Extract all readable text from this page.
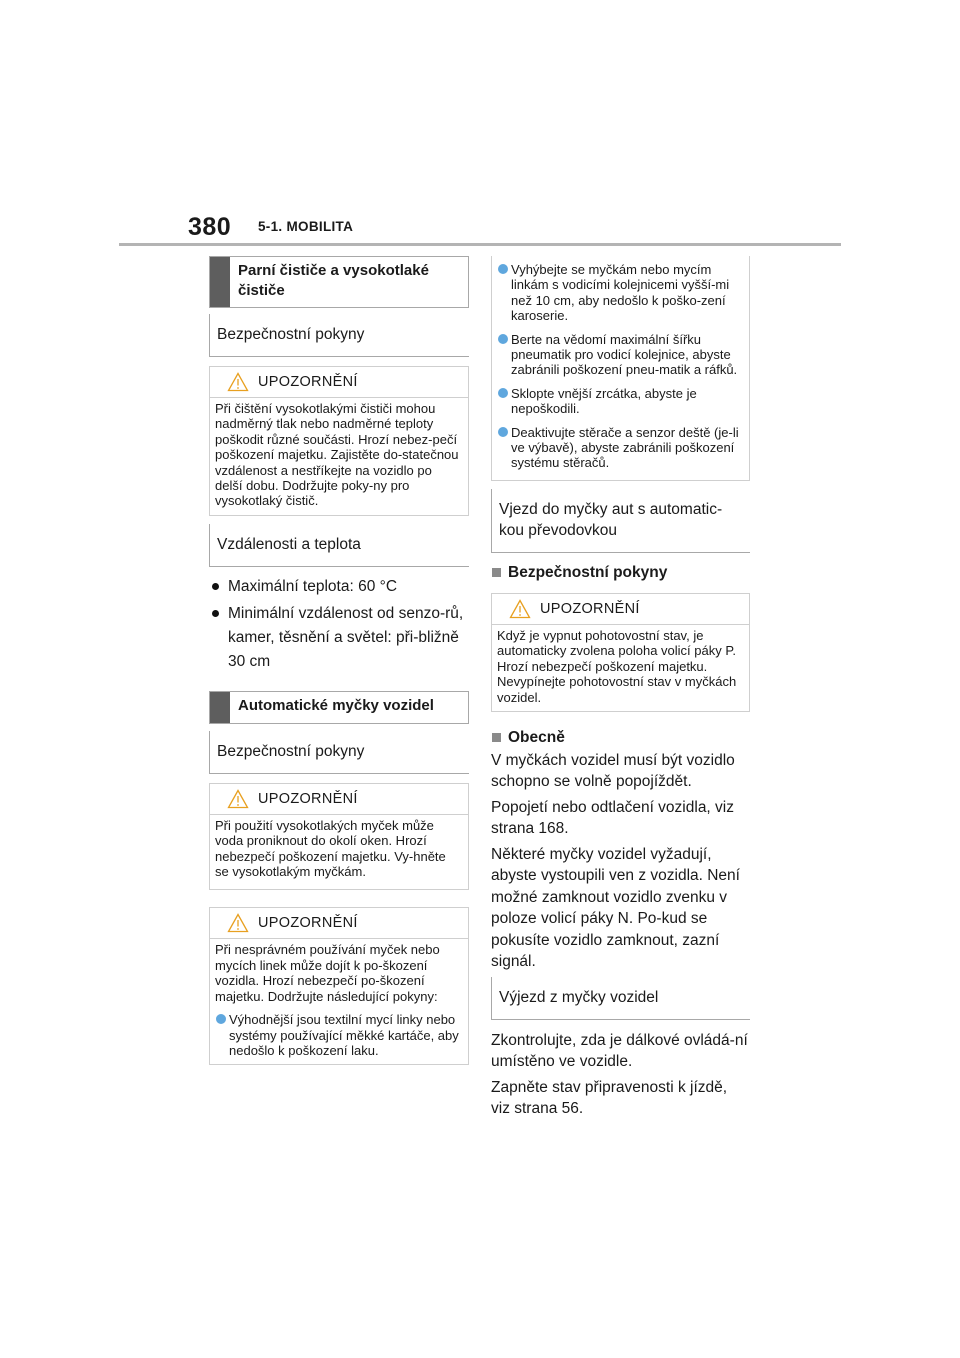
380 5-1. MOBILITA
Parní čističe a vysokotlaké čističe
Bezpečnostní pokyny
UPOZORNĚNÍ

Při čištění vysokotlakými čističi mohou nadměrný tlak nebo nadměrné teploty poškodit různé součásti. Hrozí nebez-pečí poškození majetku. Zajistěte do-statečnou vzdálenost a nestříkejte na vozidlo po delší dobu. Dodržujte poky-ny pro vysokotlaký čistič.

Vzdálenosti a teplota
Maximální teplota: 60 °C
Minimální vzdálenost od senzo-rů, kamer, těsnění a světel: při-bližně 30 cm
Automatické myčky vozidel
Bezpečnostní pokyny
UPOZORNĚNÍ

Při použití vysokotlakých myček může voda proniknout do okolí oken. Hrozí nebezpečí poškození majetku. Vy-hněte se vysokotlakým myčkám.

UPOZORNĚNÍ

Při nesprávném používání myček nebo mycích linek může dojít k po-škození vozidla. Hrozí nebezpečí po-škození majetku. Dodržujte následující pokyny:

Výhodnější jsou textilní mycí linky nebo systémy používající měkké kartáče, aby nedošlo k poškození laku.
Vyhýbejte se myčkám nebo mycím linkám s vodicími kolejnicemi vyšší-mi než 10 cm, aby nedošlo k poško-zení karoserie.
Berte na vědomí maximální šířku pneumatik pro vodicí kolejnice, abyste zabránili poškození pneu-matik a ráfků.
Sklopte vnější zrcátka, abyste je nepoškodili.
Deaktivujte stěrače a senzor deště (je-li ve výbavě), abyste zabránili poškození systému stěračů.
Vjezd do myčky aut s automatic-kou převodovkou
Bezpečnostní pokyny
UPOZORNĚNÍ

Když je vypnut pohotovostní stav, je automaticky zvolena poloha volicí páky P. Hrozí nebezpečí poškození majetku. Nevypínejte pohotovostní stav v myčkách vozidel.

Obecně

V myčkách vozidel musí být vozidlo schopno se volně popojíždět.

Popojetí nebo odtlačení vozidla, viz strana 168.

Některé myčky vozidel vyžadují, abyste vystoupili ven z vozidla. Není možné zamknout vozidlo zvenku v poloze volicí páky N. Po-kud se pokusíte vozidlo zamknout, zazní signál.

Výjezd z myčky vozidel

Zkontrolujte, zda je dálkové ovládá-ní umístěno ve vozidle.

Zapněte stav připravenosti k jízdě, viz strana 56.
